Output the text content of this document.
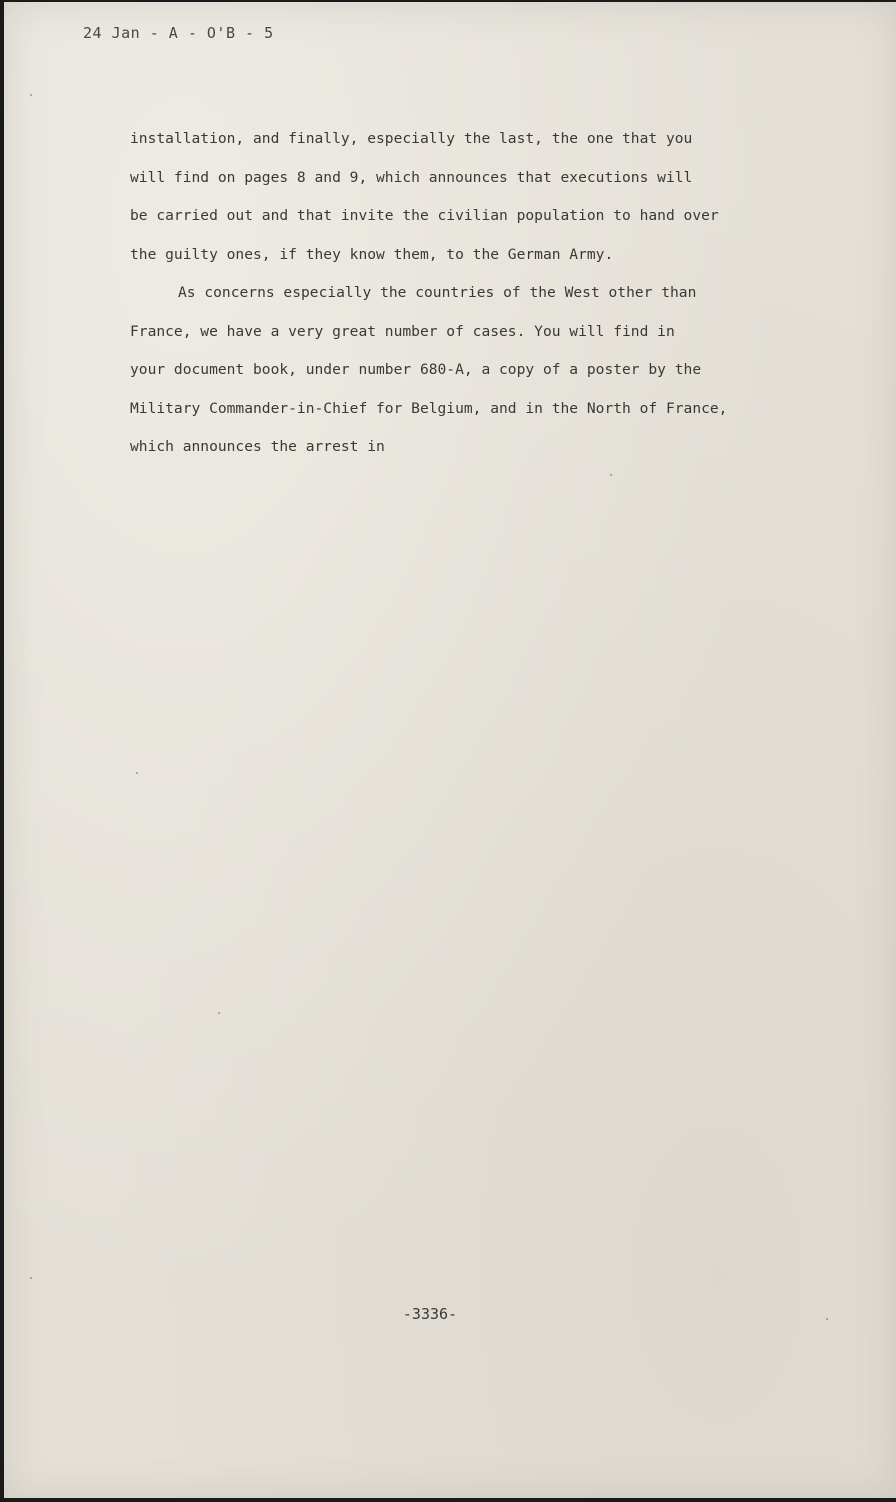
24 Jan - A - O'B - 5
installation, and finally, especially the last, the one that you
will find on pages 8 and 9, which announces that executions will
be carried out and that invite the civilian population to hand over
the guilty ones, if they know them, to the German Army.
As concerns especially the countries of the West other than
France, we have a very great number of cases. You will find in
your document book, under number 680-A, a copy of a poster by the
Military Commander-in-Chief for Belgium, and in the North of France,
which announces the arrest in
-3336-
